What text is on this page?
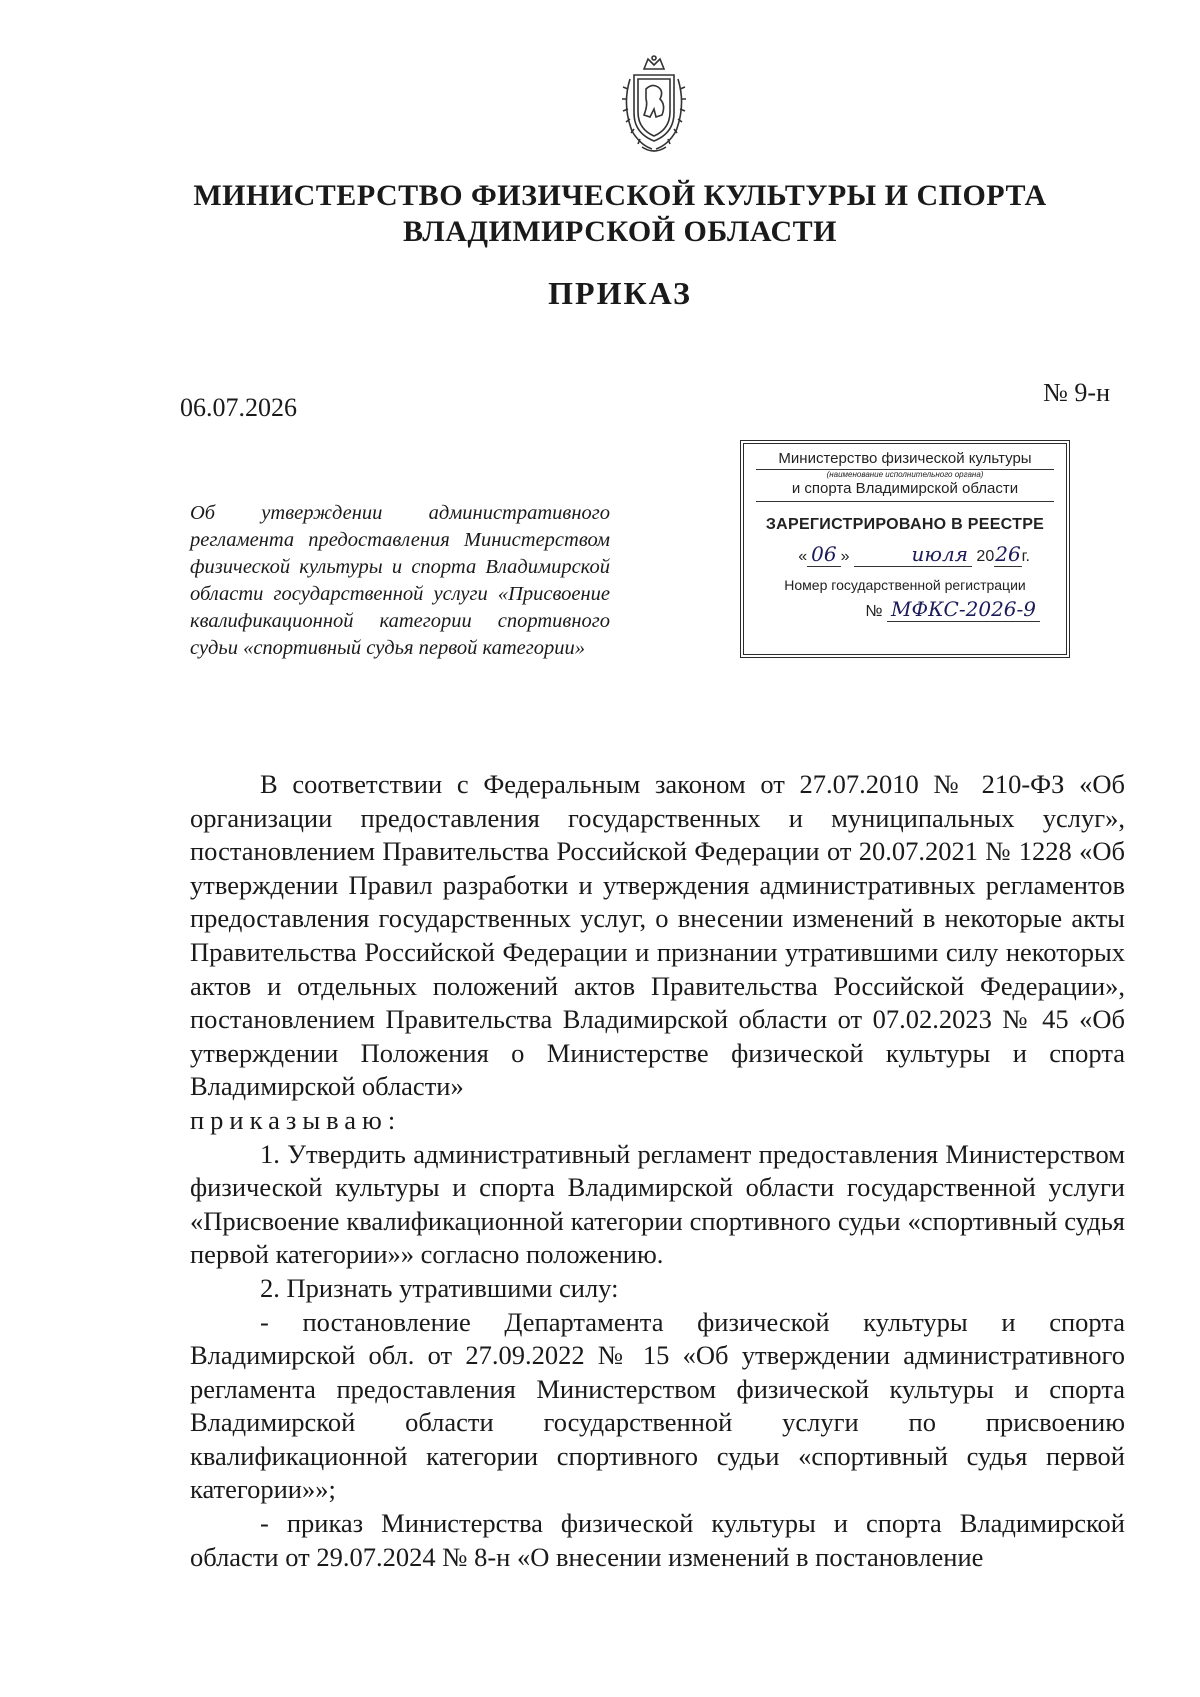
МИНИСТЕРСТВО ФИЗИЧЕСКОЙ КУЛЬТУРЫ И СПОРТА
ВЛАДИМИРСКОЙ ОБЛАСТИ
ПРИКАЗ
06.07.2026
№ 9-н
Министерство физической культуры
(наименование исполнительного органа)
и спорта Владимирской области
ЗАРЕГИСТРИРОВАНО В РЕЕСТРЕ
« 06 »	июля 2026г.
Номер государственной регистрации
№ МФКС-2026-9
Об утверждении административного регламента предоставления Министерством физической культуры и спорта Владимирской области государственной услуги «Присвоение квалификационной категории спортивного судьи «спортивный судья первой категории»

В соответствии с Федеральным законом от 27.07.2010 № 210-ФЗ «Об организации предоставления государственных и муниципальных услуг», постановлением Правительства Российской Федерации от 20.07.2021 № 1228 «Об утверждении Правил разработки и утверждения административных регламентов предоставления государственных услуг, о внесении изменений в некоторые акты Правительства Российской Федерации и признании утратившими силу некоторых актов и отдельных положений актов Правительства Российской Федерации», постановлением Правительства Владимирской области от 07.02.2023 № 45 «Об утверждении Положения о Министерстве физической культуры и спорта Владимирской области»

приказываю:

1. Утвердить административный регламент предоставления Министерством физической культуры и спорта Владимирской области государственной услуги «Присвоение квалификационной категории спортивного судьи «спортивный судья первой категории»» согласно положению.

2. Признать утратившими силу:

- постановление Департамента физической культуры и спорта Владимирской обл. от 27.09.2022 № 15 «Об утверждении административного регламента предоставления Министерством физической культуры и спорта Владимирской области государственной услуги по присвоению квалификационной категории спортивного судьи «спортивный судья первой категории»»;

- приказ Министерства физической культуры и спорта Владимирской области от 29.07.2024 № 8-н «О внесении изменений в постановление
